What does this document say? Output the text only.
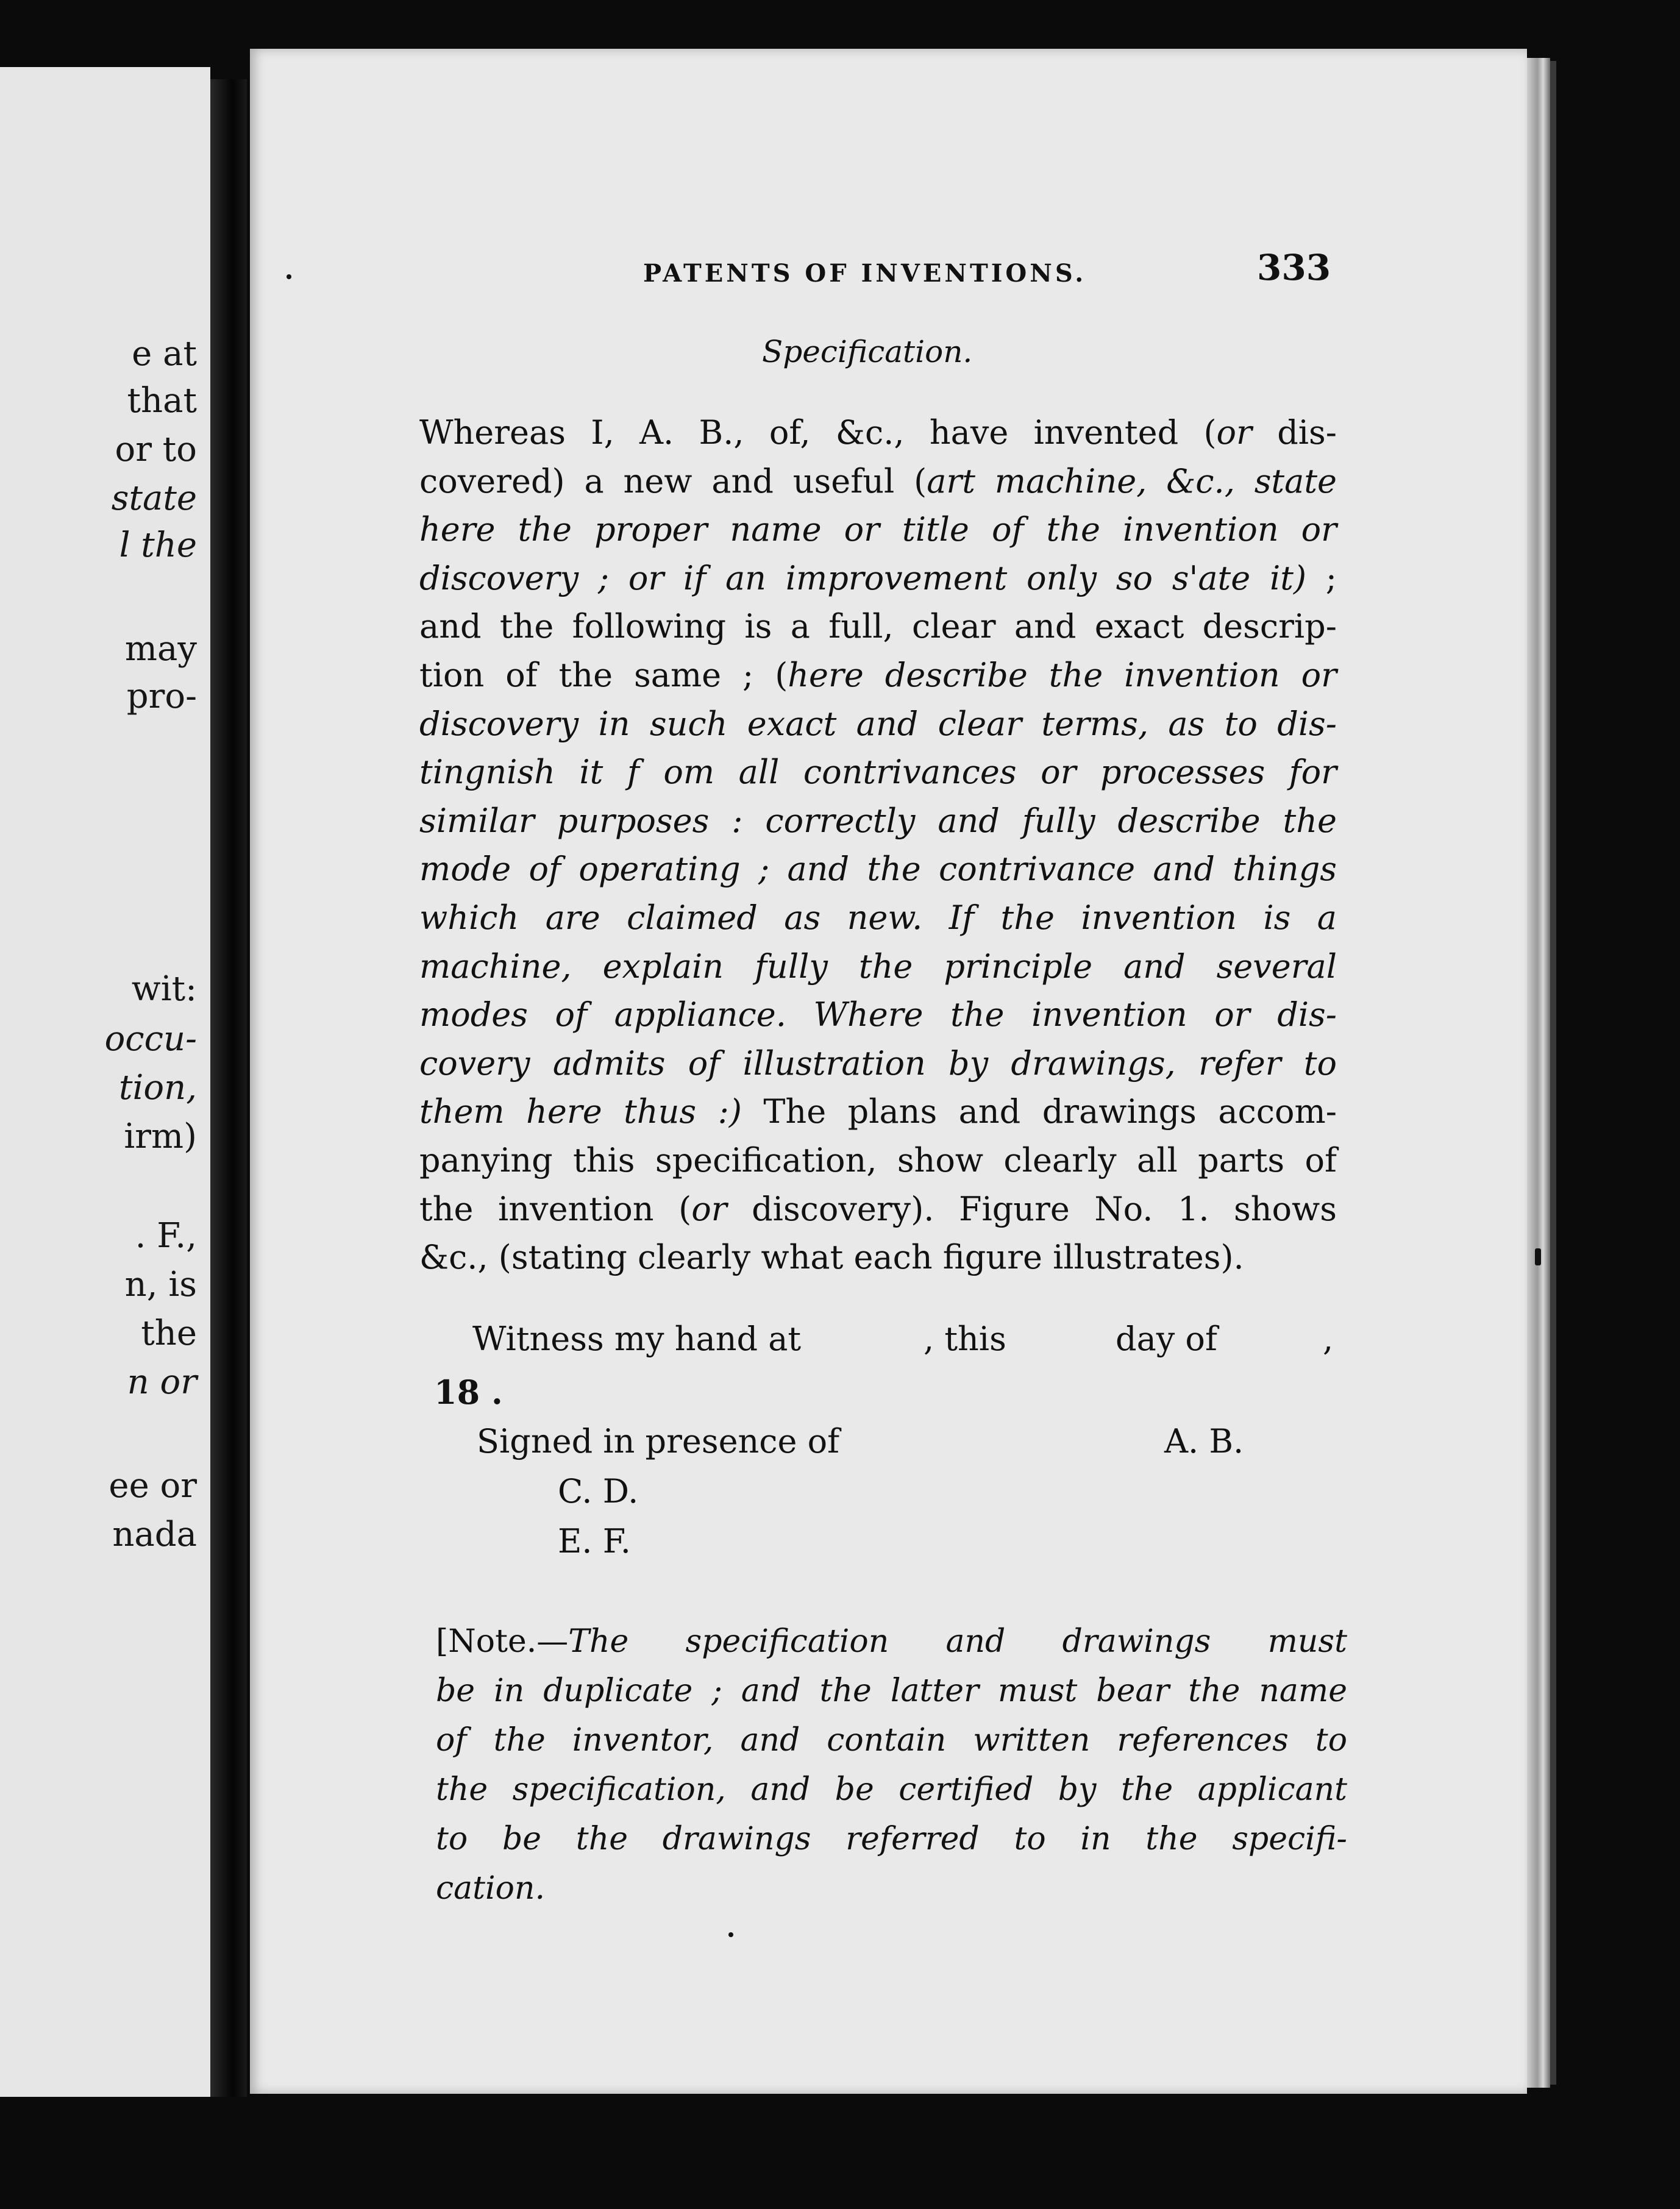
e at
that
or to
state
l the
may
pro-
wit:
occu-
tion,
irm)
. F.,
n, is
the
n or
ee or
nada
PATENTS OF INVENTIONS.	333
Specification.
Whereas I, A. B., of, &c., have invented (or dis-
covered) a new and useful (art machine, &c., state
here the proper name or title of the invention or
discovery ; or if an improvement only so s'ate it) ;
and the following is a full, clear and exact descrip-
tion of the same ; (here describe the invention or
discovery in such exact and clear terms, as to dis-
tingnish it f om all contrivances or processes for
similar purposes : correctly and fully describe the
mode of operating ; and the contrivance and things
which are claimed as new. If the invention is a
machine, explain fully the principle and several
modes of appliance. Where the invention or dis-
covery admits of illustration by drawings, refer to
them here thus :) The plans and drawings accom-
panying this specification, show clearly all parts of
the invention (or discovery). Figure No. 1. shows
&c., (stating clearly what each figure illustrates).
Witness my hand at	, this	day of	,
18 .
Signed in presence of	A. B.
C. D.
E. F.
[Note.—The specification and drawings must
be in duplicate ; and the latter must bear the name
of the inventor, and contain written references to
the specification, and be certified by the applicant
to be the drawings referred to in the specifi-
cation.
